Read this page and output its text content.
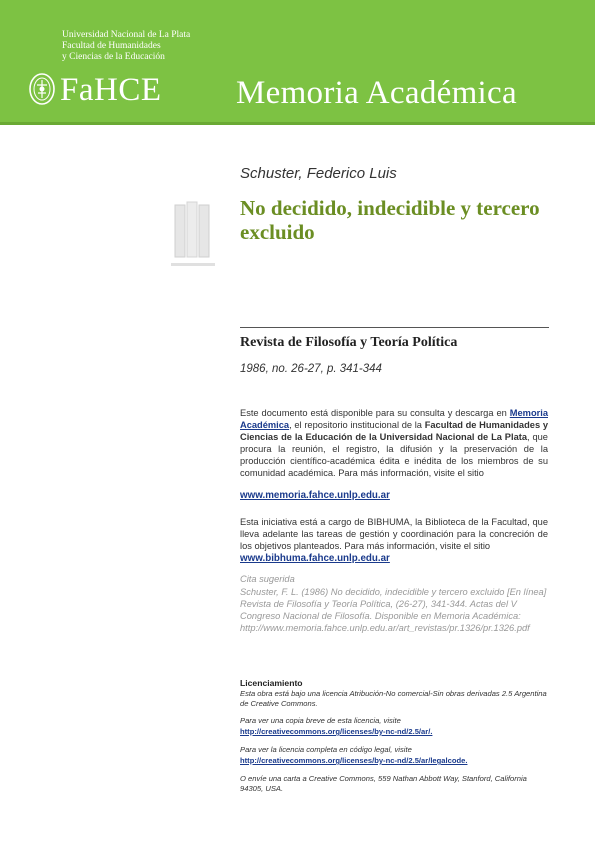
Universidad Nacional de La Plata
Facultad de Humanidades
y Ciencias de la Educación
FaHCE Memoria Académica
Schuster, Federico Luis
No decidido, indecidible y tercero excluido
Revista de Filosofía y Teoría Política
1986, no. 26-27, p. 341-344
Este documento está disponible para su consulta y descarga en Memoria Académica, el repositorio institucional de la Facultad de Humanidades y Ciencias de la Educación de la Universidad Nacional de La Plata, que procura la reunión, el registro, la difusión y la preservación de la producción científico-académica édita e inédita de los miembros de su comunidad académica. Para más información, visite el sitio
www.memoria.fahce.unlp.edu.ar
Esta iniciativa está a cargo de BIBHUMA, la Biblioteca de la Facultad, que lleva adelante las tareas de gestión y coordinación para la concreción de los objetivos planteados. Para más información, visite el sitio
www.bibhuma.fahce.unlp.edu.ar
Cita sugerida
Schuster, F. L. (1986) No decidido, indecidible y tercero excluido [En línea] Revista de Filosofía y Teoría Política, (26-27), 341-344. Actas del V Congreso Nacional de Filosofía. Disponible en Memoria Académica: http://www.memoria.fahce.unlp.edu.ar/art_revistas/pr.1326/pr.1326.pdf
Licenciamiento
Esta obra está bajo una licencia Atribución-No comercial-Sin obras derivadas 2.5 Argentina de Creative Commons.
Para ver una copia breve de esta licencia, visite
http://creativecommons.org/licenses/by-nc-nd/2.5/ar/.
Para ver la licencia completa en código legal, visite
http://creativecommons.org/licenses/by-nc-nd/2.5/ar/legalcode.
O envíe una carta a Creative Commons, 559 Nathan Abbott Way, Stanford, California 94305, USA.
